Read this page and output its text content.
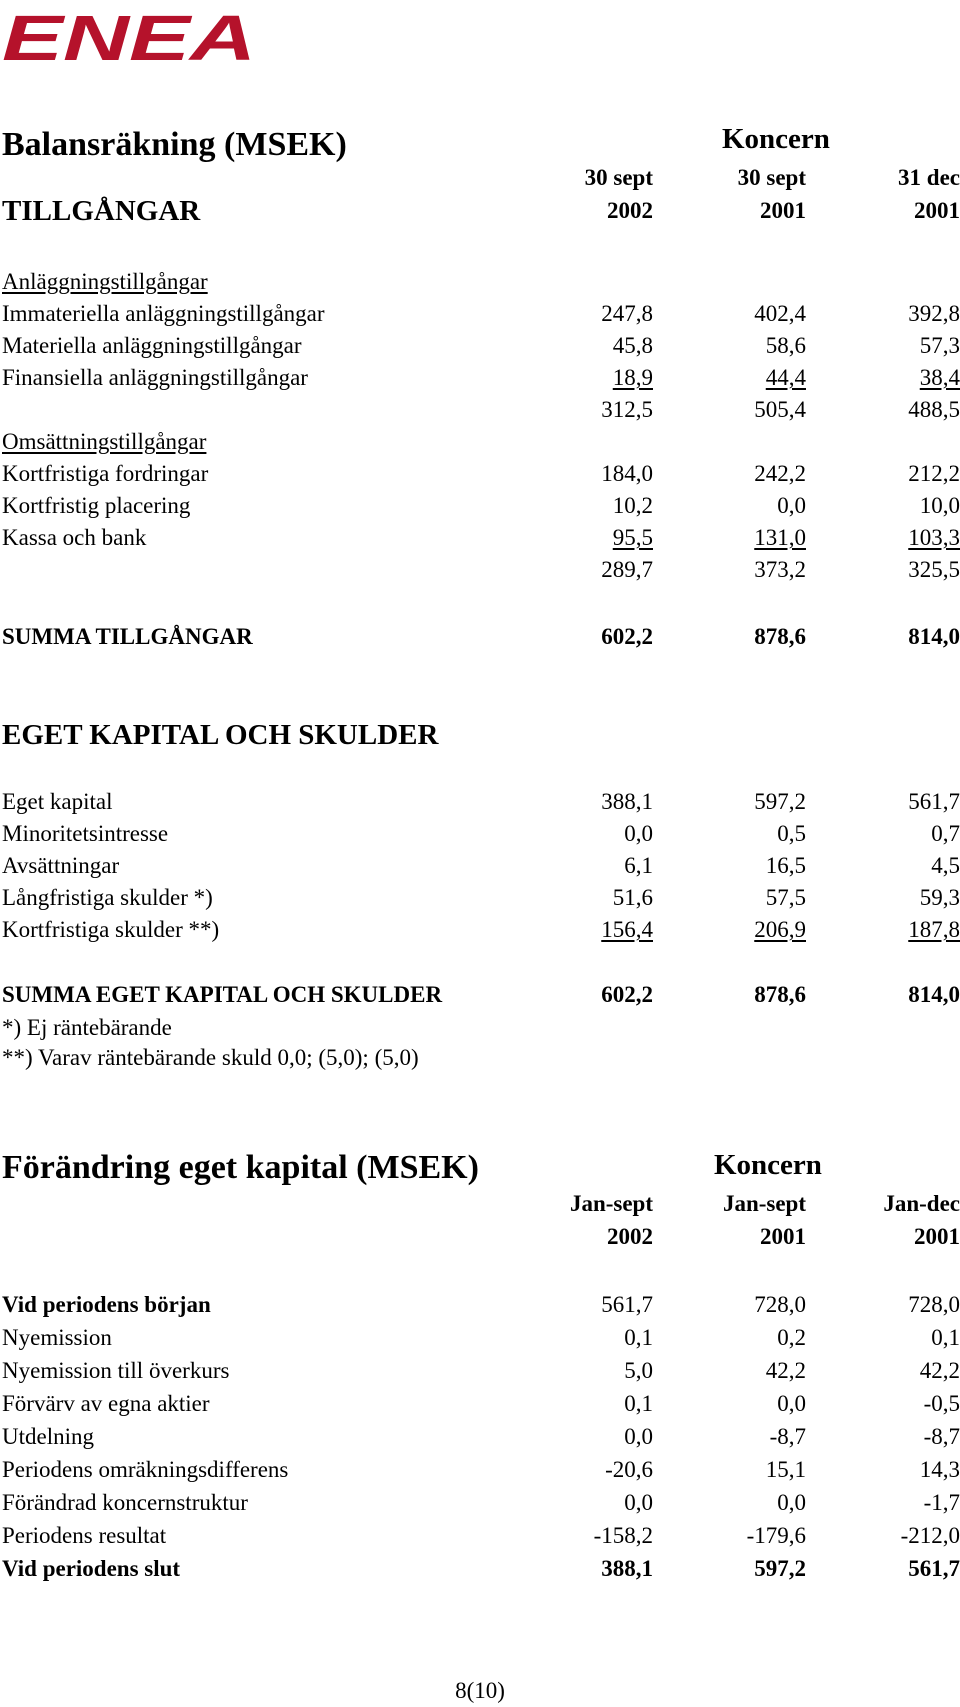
ENEA
Balansräkning (MSEK)	Koncern
30 sept	30 sept	31 dec
TILLGÅNGAR	2002	2001	2001
Anläggningstillgångar
Immateriella anläggningstillgångar	247,8	402,4	392,8
Materiella anläggningstillgångar	45,8	58,6	57,3
Finansiella anläggningstillgångar	18,9	44,4	38,4
312,5	505,4	488,5
Omsättningstillgångar
Kortfristiga fordringar	184,0	242,2	212,2
Kortfristig placering	10,2	0,0	10,0
Kassa och bank	95,5	131,0	103,3
289,7	373,2	325,5
SUMMA TILLGÅNGAR	602,2	878,6	814,0
EGET KAPITAL OCH SKULDER
Eget kapital	388,1	597,2	561,7
Minoritetsintresse	0,0	0,5	0,7
Avsättningar	6,1	16,5	4,5
Långfristiga skulder *)	51,6	57,5	59,3
Kortfristiga skulder **)	156,4	206,9	187,8
SUMMA EGET KAPITAL OCH SKULDER	602,2	878,6	814,0
*) Ej räntebärande
**) Varav räntebärande skuld 0,0; (5,0); (5,0)
Förändring eget kapital (MSEK)	Koncern
Jan-sept	Jan-sept	Jan-dec
2002	2001	2001
Vid periodens början	561,7	728,0	728,0
Nyemission	0,1	0,2	0,1
Nyemission till överkurs	5,0	42,2	42,2
Förvärv av egna aktier	0,1	0,0	-0,5
Utdelning	0,0	-8,7	-8,7
Periodens omräkningsdifferens	-20,6	15,1	14,3
Förändrad koncernstruktur	0,0	0,0	-1,7
Periodens resultat	-158,2	-179,6	-212,0
Vid periodens slut	388,1	597,2	561,7
8(10)
